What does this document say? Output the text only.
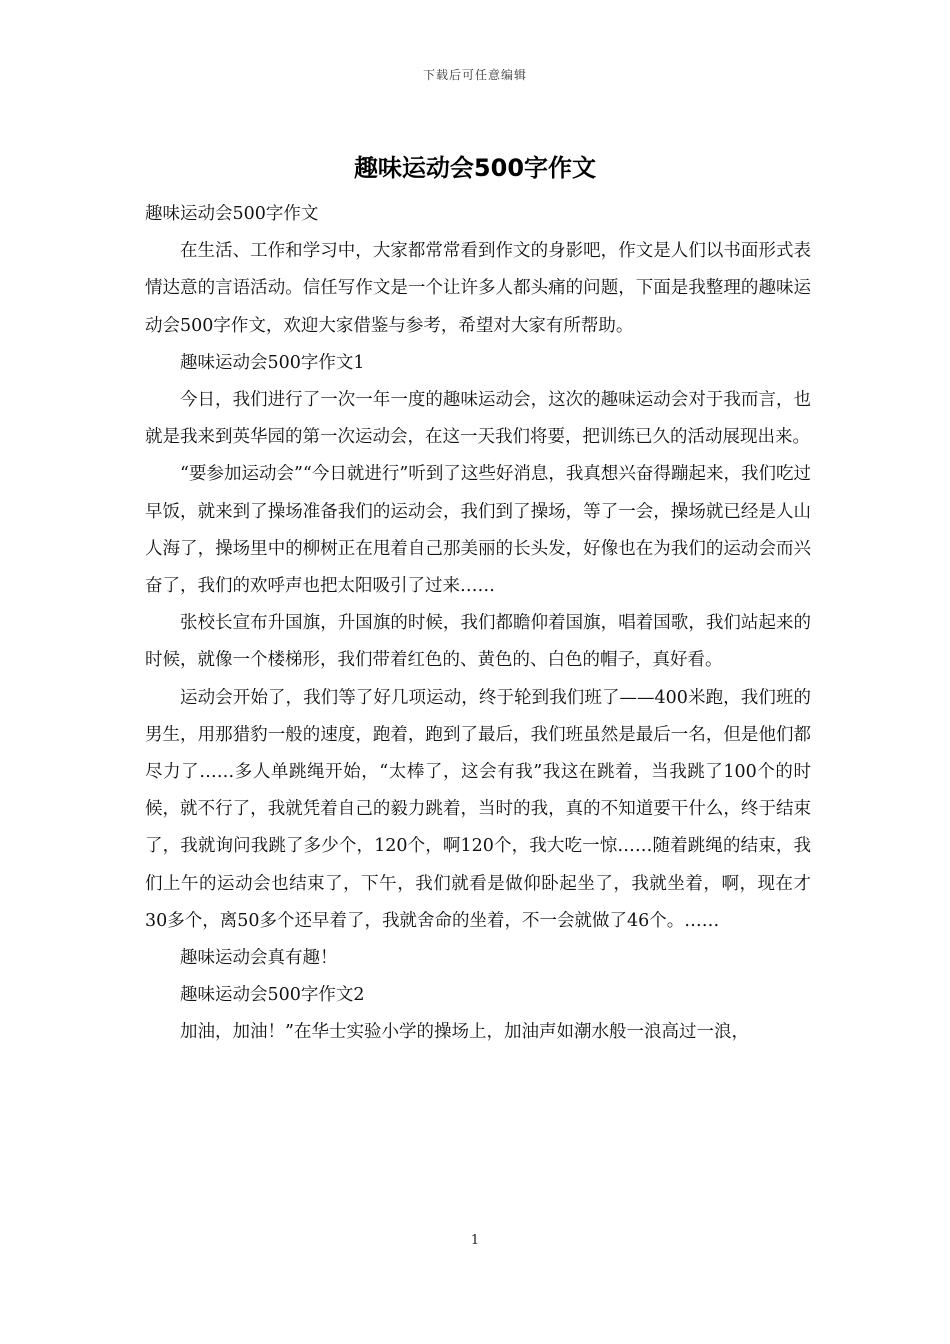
下载后可任意编辑
趣味运动会500字作文

趣味运动会500字作文

在生活、工作和学习中，大家都常常看到作文的身影吧，作文是人们以书面形式表情达意的言语活动。信任写作文是一个让许多人都头痛的问题，下面是我整理的趣味运动会500字作文，欢迎大家借鉴与参考，希望对大家有所帮助。

趣味运动会500字作文1

今日，我们进行了一次一年一度的趣味运动会，这次的趣味运动会对于我而言，也就是我来到英华园的第一次运动会，在这一天我们将要，把训练已久的活动展现出来。

“要参加运动会”“今日就进行”听到了这些好消息，我真想兴奋得蹦起来，我们吃过早饭，就来到了操场准备我们的运动会，我们到了操场，等了一会，操场就已经是人山人海了，操场里中的柳树正在甩着自己那美丽的长头发，好像也在为我们的运动会而兴奋了，我们的欢呼声也把太阳吸引了过来……

张校长宣布升国旗，升国旗的时候，我们都瞻仰着国旗，唱着国歌，我们站起来的时候，就像一个楼梯形，我们带着红色的、黄色的、白色的帽子，真好看。

运动会开始了，我们等了好几项运动，终于轮到我们班了——400米跑，我们班的男生，用那猎豹一般的速度，跑着，跑到了最后，我们班虽然是最后一名，但是他们都尽力了……多人单跳绳开始，“太棒了，这会有我”我这在跳着，当我跳了100个的时候，就不行了，我就凭着自己的毅力跳着，当时的我，真的不知道要干什么，终于结束了，我就询问我跳了多少个，120个，啊120个，我大吃一惊……随着跳绳的结束，我们上午的运动会也结束了，下午，我们就看是做仰卧起坐了，我就坐着，啊，现在才30多个，离50多个还早着了，我就舍命的坐着，不一会就做了46个。……

趣味运动会真有趣！

趣味运动会500字作文2

加油，加油！”在华士实验小学的操场上，加油声如潮水般一浪高过一浪，

1
